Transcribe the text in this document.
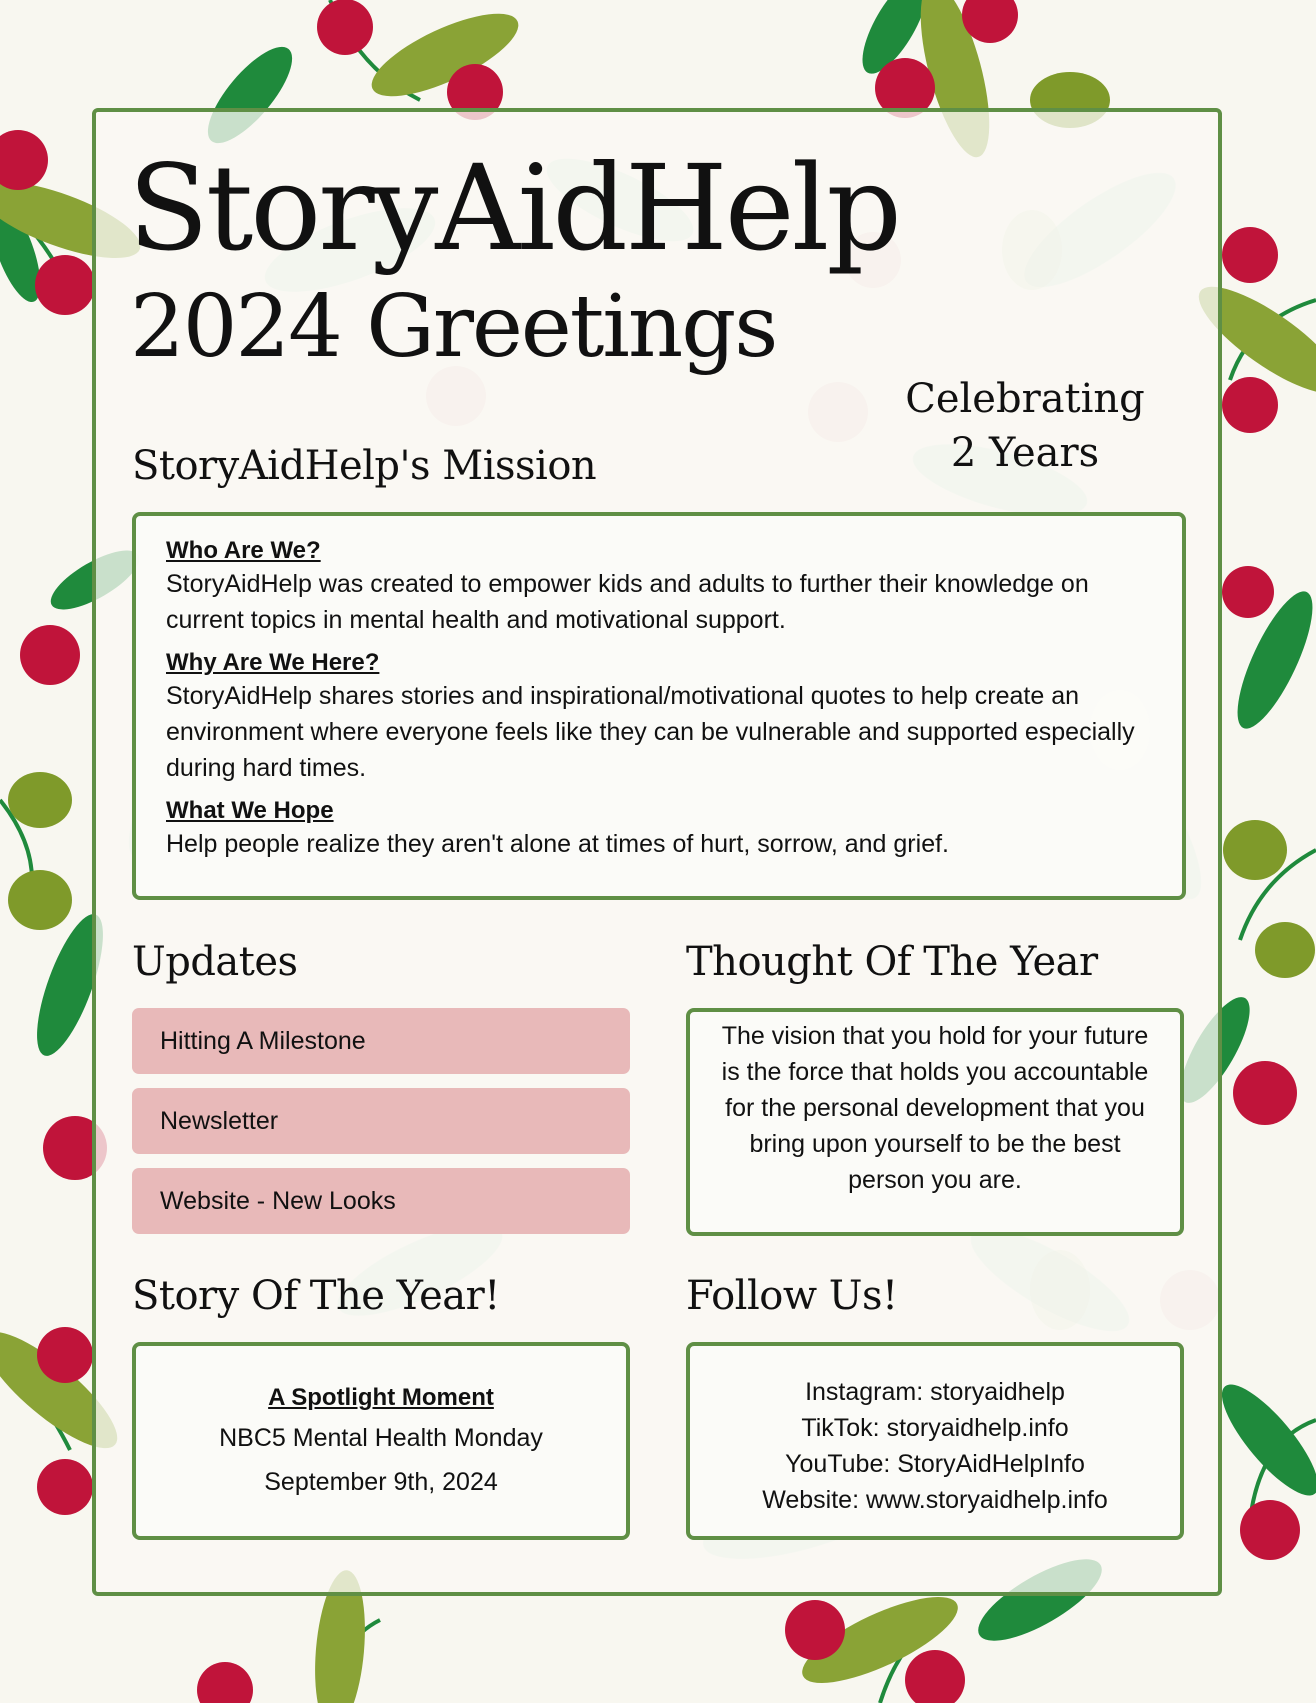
StoryAidHelp
2024 Greetings
Celebrating
2 Years
StoryAidHelp's Mission
Who Are We?
StoryAidHelp was created to empower kids and adults to further their knowledge on current topics in mental health and motivational support.
Why Are We Here?
StoryAidHelp shares stories and inspirational/motivational quotes to help create an environment where everyone feels like they can be vulnerable and supported especially during hard times.
What We Hope
Help people realize they aren't alone at times of hurt, sorrow, and grief.
Updates
Hitting A Milestone
Newsletter
Website - New Looks
Thought Of The Year
The vision that you hold for your future is the force that holds you accountable for the personal development that you bring upon yourself to be the best person you are.
Story Of The Year!
A Spotlight Moment
NBC5 Mental Health Monday
September 9th, 2024
Follow Us!
Instagram: storyaidhelp
TikTok: storyaidhelp.info
YouTube: StoryAidHelpInfo
Website: www.storyaidhelp.info
